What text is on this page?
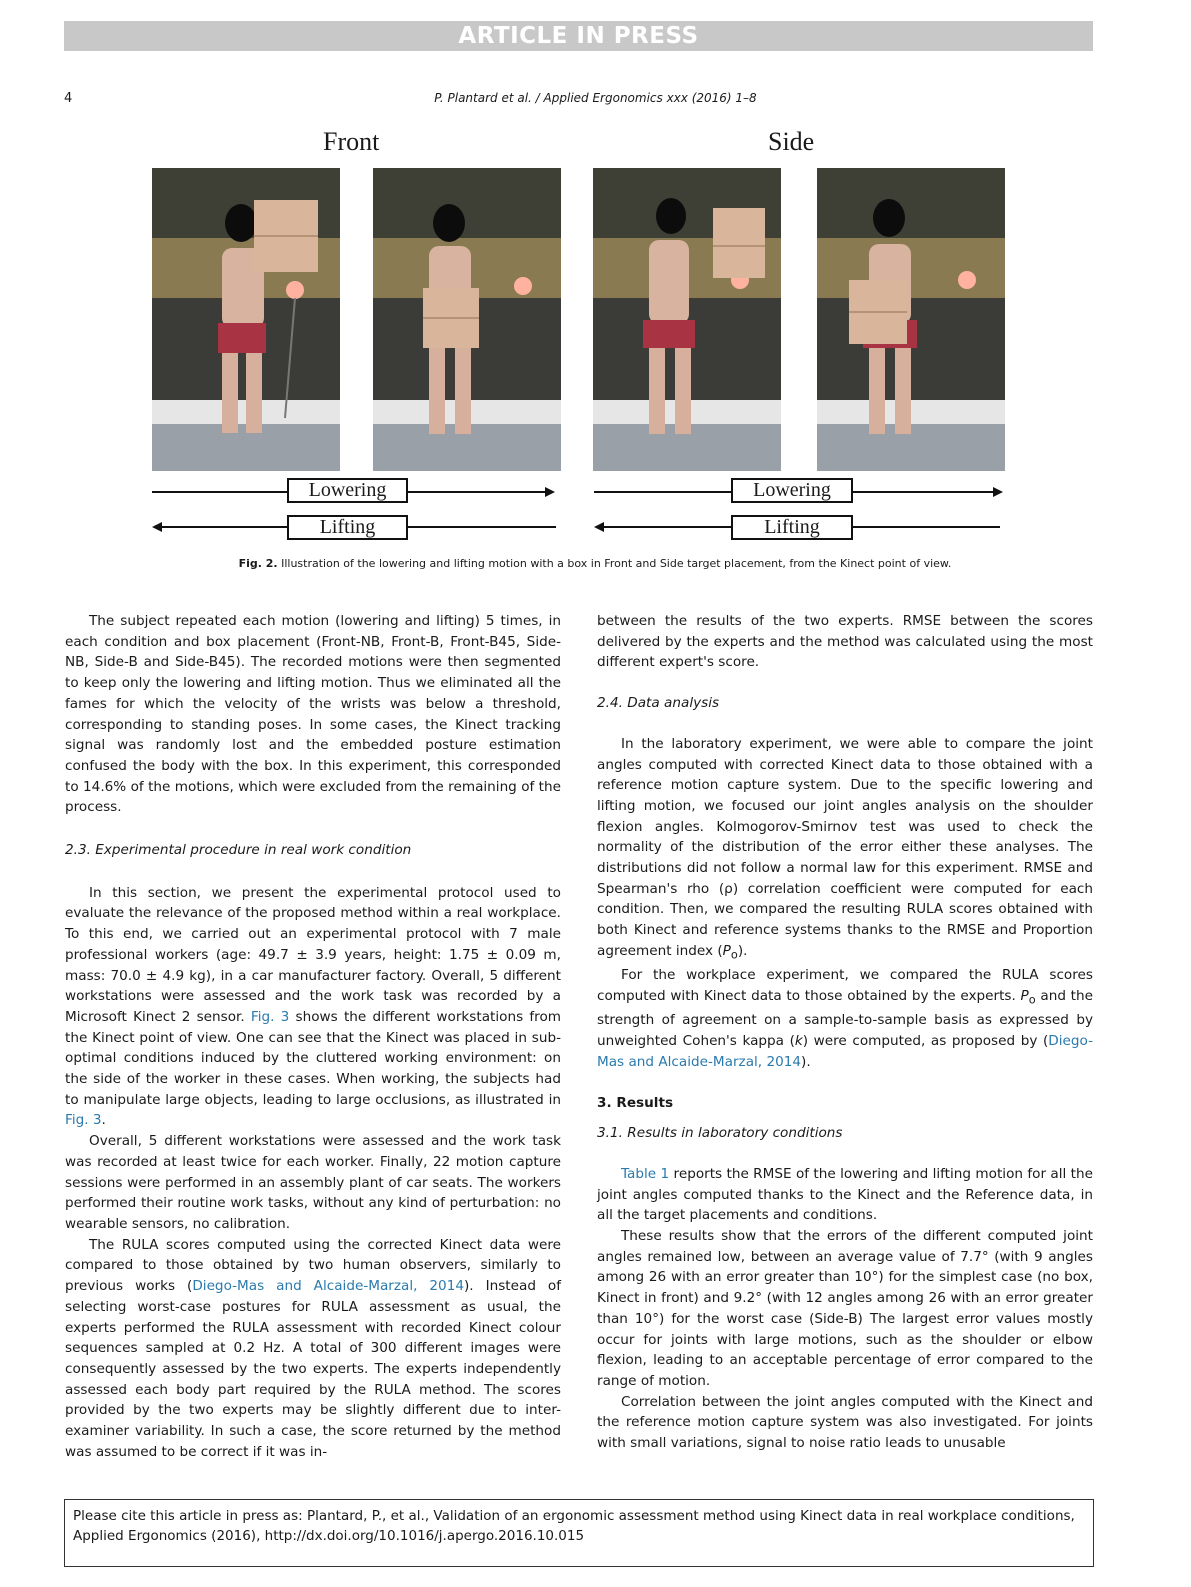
ARTICLE IN PRESS
4	P. Plantard et al. / Applied Ergonomics xxx (2016) 1–8
Front	Side
Lowering
Lifting
Lowering
Lifting
Fig. 2. Illustration of the lowering and lifting motion with a box in Front and Side target placement, from the Kinect point of view.

The subject repeated each motion (lowering and lifting) 5 times, in each condition and box placement (Front-NB, Front-B, Front-B45, Side-NB, Side-B and Side-B45). The recorded motions were then segmented to keep only the lowering and lifting motion. Thus we eliminated all the fames for which the velocity of the wrists was below a threshold, corresponding to standing poses. In some cases, the Kinect tracking signal was randomly lost and the embedded posture estimation confused the body with the box. In this experiment, this corresponded to 14.6% of the motions, which were excluded from the remaining of the process.

2.3. Experimental procedure in real work condition

In this section, we present the experimental protocol used to evaluate the relevance of the proposed method within a real workplace. To this end, we carried out an experimental protocol with 7 male professional workers (age: 49.7 ± 3.9 years, height: 1.75 ± 0.09 m, mass: 70.0 ± 4.9 kg), in a car manufacturer factory. Overall, 5 different workstations were assessed and the work task was recorded by a Microsoft Kinect 2 sensor. Fig. 3 shows the different workstations from the Kinect point of view. One can see that the Kinect was placed in sub-optimal conditions induced by the cluttered working environment: on the side of the worker in these cases. When working, the subjects had to manipulate large objects, leading to large occlusions, as illustrated in Fig. 3.

Overall, 5 different workstations were assessed and the work task was recorded at least twice for each worker. Finally, 22 motion capture sessions were performed in an assembly plant of car seats. The workers performed their routine work tasks, without any kind of perturbation: no wearable sensors, no calibration.

The RULA scores computed using the corrected Kinect data were compared to those obtained by two human observers, similarly to previous works (Diego-Mas and Alcaide-Marzal, 2014). Instead of selecting worst-case postures for RULA assessment as usual, the experts performed the RULA assessment with recorded Kinect colour sequences sampled at 0.2 Hz. A total of 300 different images were consequently assessed by the two experts. The experts independently assessed each body part required by the RULA method. The scores provided by the two experts may be slightly different due to inter-examiner variability. In such a case, the score returned by the method was assumed to be correct if it was in-

between the results of the two experts. RMSE between the scores delivered by the experts and the method was calculated using the most different expert's score.

2.4. Data analysis

In the laboratory experiment, we were able to compare the joint angles computed with corrected Kinect data to those obtained with a reference motion capture system. Due to the specific lowering and lifting motion, we focused our joint angles analysis on the shoulder flexion angles. Kolmogorov-Smirnov test was used to check the normality of the distribution of the error either these analyses. The distributions did not follow a normal law for this experiment. RMSE and Spearman's rho (ρ) correlation coefficient were computed for each condition. Then, we compared the resulting RULA scores obtained with both Kinect and reference systems thanks to the RMSE and Proportion agreement index $(P_o)$.

For the workplace experiment, we compared the RULA scores computed with Kinect data to those obtained by the experts. $P_o$ and the strength of agreement on a sample-to-sample basis as expressed by unweighted Cohen's kappa (k) were computed, as proposed by (Diego-Mas and Alcaide-Marzal, 2014).

3. Results
3.1. Results in laboratory conditions

Table 1 reports the RMSE of the lowering and lifting motion for all the joint angles computed thanks to the Kinect and the Reference data, in all the target placements and conditions.

These results show that the errors of the different computed joint angles remained low, between an average value of 7.7° (with 9 angles among 26 with an error greater than 10°) for the simplest case (no box, Kinect in front) and 9.2° (with 12 angles among 26 with an error greater than 10°) for the worst case (Side-B) The largest error values mostly occur for joints with large motions, such as the shoulder or elbow flexion, leading to an acceptable percentage of error compared to the range of motion.

Correlation between the joint angles computed with the Kinect and the reference motion capture system was also investigated. For joints with small variations, signal to noise ratio leads to unusable

Please cite this article in press as: Plantard, P., et al., Validation of an ergonomic assessment method using Kinect data in real workplace conditions, Applied Ergonomics (2016), http://dx.doi.org/10.1016/j.apergo.2016.10.015
